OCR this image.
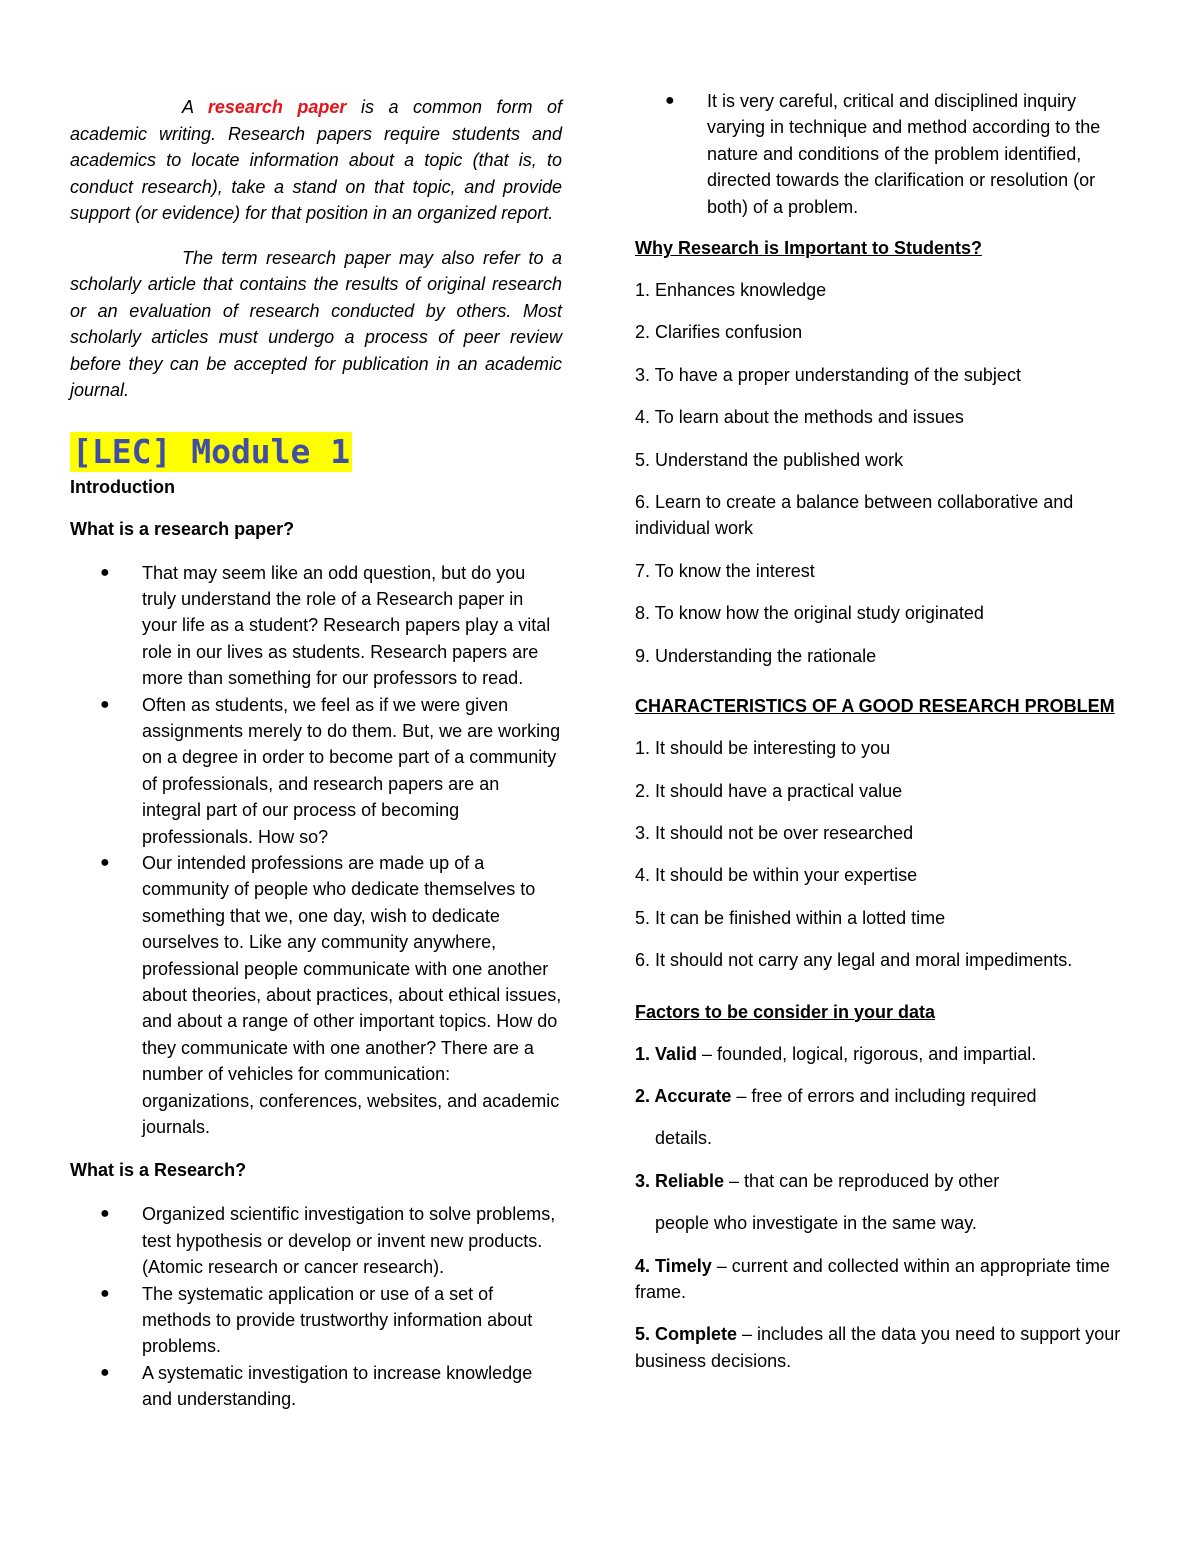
A research paper is a common form of academic writing. Research papers require students and academics to locate information about a topic (that is, to conduct research), take a stand on that topic, and provide support (or evidence) for that position in an organized report.

The term research paper may also refer to a scholarly article that contains the results of original research or an evaluation of research conducted by others. Most scholarly articles must undergo a process of peer review before they can be accepted for publication in an academic journal.

[LEC] Module 1

Introduction

What is a research paper?

● That may seem like an odd question, but do you truly understand the role of a Research paper in your life as a student? Research papers play a vital role in our lives as students. Research papers are more than something for our professors to read.
● Often as students, we feel as if we were given assignments merely to do them. But, we are working on a degree in order to become part of a community of professionals, and research papers are an integral part of our process of becoming professionals. How so?
● Our intended professions are made up of a community of people who dedicate themselves to something that we, one day, wish to dedicate ourselves to. Like any community anywhere, professional people communicate with one another about theories, about practices, about ethical issues, and about a range of other important topics. How do they communicate with one another? There are a number of vehicles for communication: organizations, conferences, websites, and academic journals.

What is a Research?

● Organized scientific investigation to solve problems, test hypothesis or develop or invent new products. (Atomic research or cancer research).
● The systematic application or use of a set of methods to provide trustworthy information about problems.
● A systematic investigation to increase knowledge and understanding.
● It is very careful, critical and disciplined inquiry varying in technique and method according to the nature and conditions of the problem identified, directed towards the clarification or resolution (or both) of a problem.

Why Research is Important to Students?

1. Enhances knowledge

2. Clarifies confusion

3. To have a proper understanding of the subject

4. To learn about the methods and issues

5. Understand the published work

6. Learn to create a balance between collaborative and individual work

7. To know the interest

8. To know how the original study originated

9. Understanding the rationale

CHARACTERISTICS OF A GOOD RESEARCH PROBLEM

1. It should be interesting to you

2. It should have a practical value

3. It should not be over researched

4. It should be within your expertise

5. It can be finished within a lotted time

6. It should not carry any legal and moral impediments.

Factors to be consider in your data

1. Valid – founded, logical, rigorous, and impartial.

2. Accurate – free of errors and including required

details.

3. Reliable – that can be reproduced by other

people who investigate in the same way.

4. Timely – current and collected within an appropriate time frame.

5. Complete – includes all the data you need to support your business decisions.
